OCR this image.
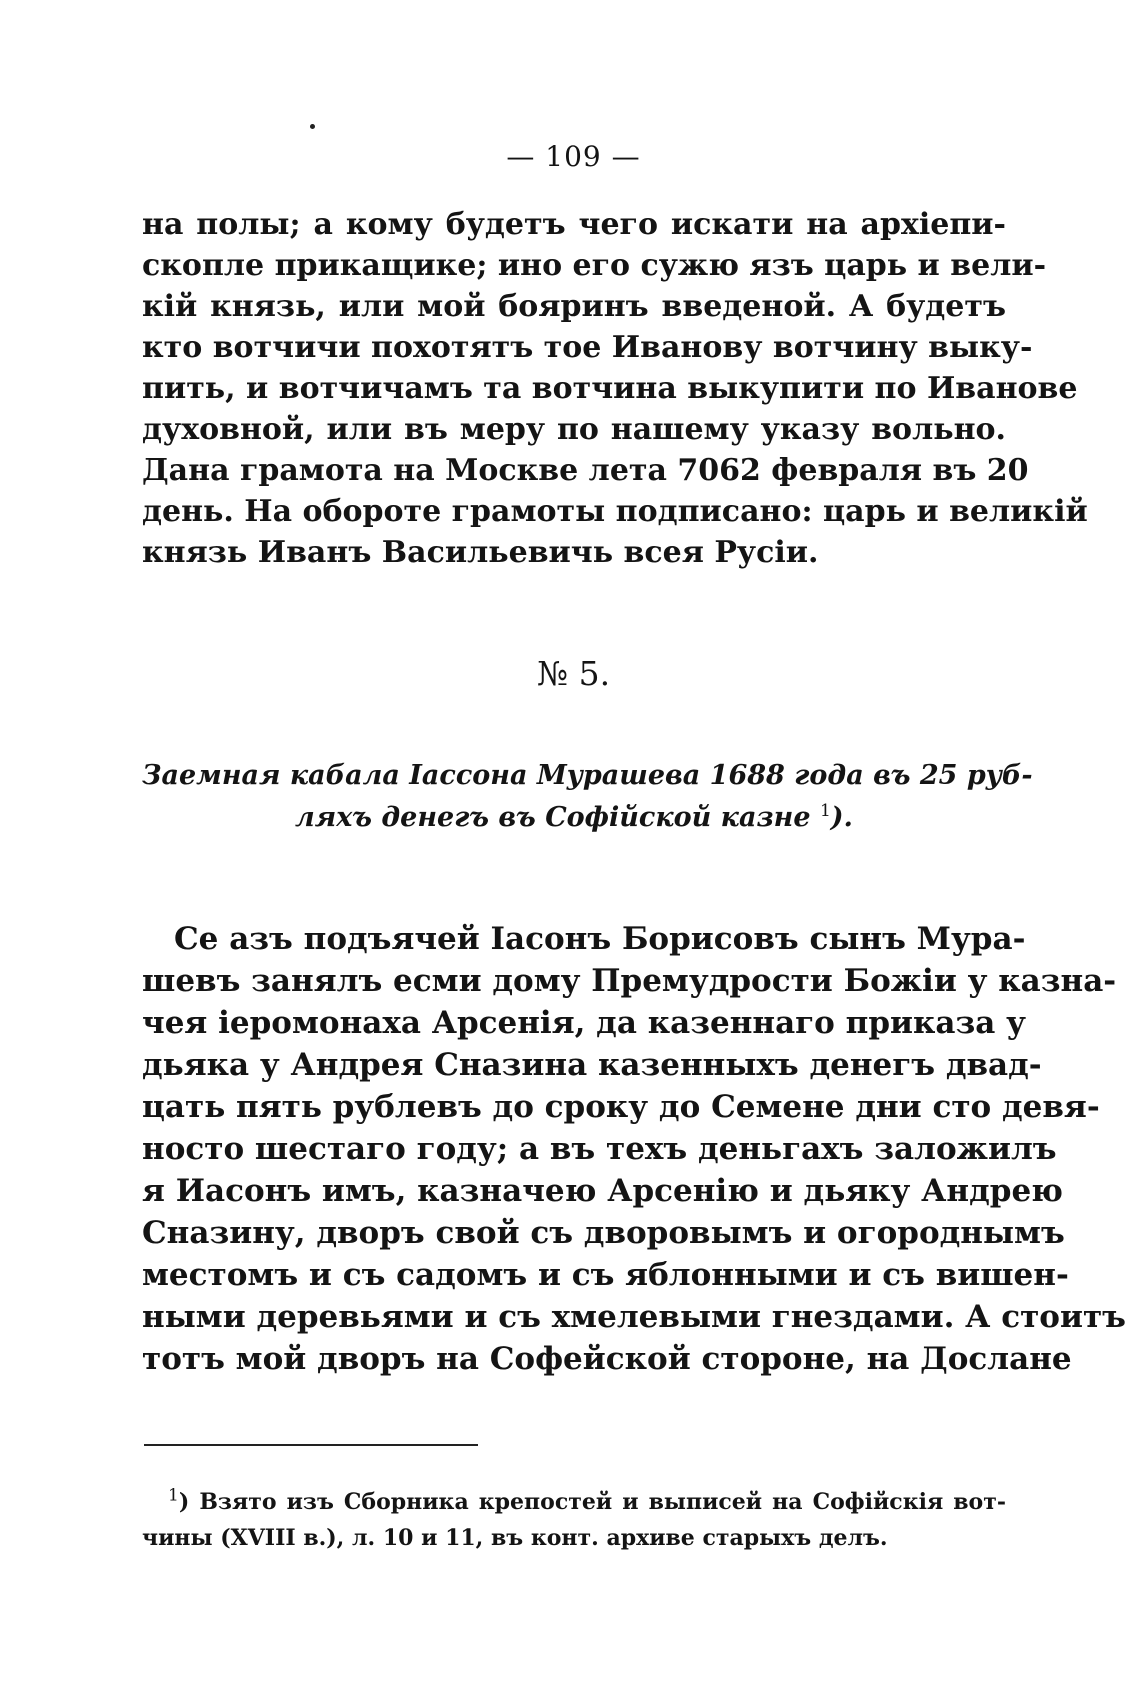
— 109 —
на полы; а кому будетъ чего искати на архіепи-
скопле прикащике; ино его сужю язъ царь и вели-
кій князь, или мой бояринъ введеной. А будетъ
кто вотчичи похотятъ тое Иванову вотчину выку-
пить, и вотчичамъ та вотчина выкупити по Иванове
духовной, или въ меру по нашему указу вольно.
Дана грамота на Москве лета 7062 февраля въ 20
день. На обороте грамоты подписано: царь и великій
князь Иванъ Васильевичь всея Русіи.
№ 5.
Заемная кабала Іассона Мурашева 1688 года въ 25 руб-
ляхъ денегъ въ Софійской казне $^1$).
Се азъ подъячей Іасонъ Борисовъ сынъ Мура-
шевъ занялъ есми дому Премудрости Божіи у казна-
чея іеромонаха Арсенія, да казеннаго приказа у
дьяка у Андрея Сназина казенныхъ денегъ двад-
цать пять рублевъ до сроку до Семене дни сто девя-
носто шестаго году; а въ техъ деньгахъ заложилъ
я Иасонъ имъ, казначею Арсенію и дьяку Андрею
Сназину, дворъ свой съ дворовымъ и огороднымъ
местомъ и съ садомъ и съ яблонными и съ вишен-
ными деревьями и съ хмелевыми гнездами. А стоитъ
тотъ мой дворъ на Софейской стороне, на Дослане
$^1$) Взято изъ Сборника крепостей и выписей на Софійскія вот-
чины (XVIII в.), л. 10 и 11, въ конт. архиве старыхъ делъ.
